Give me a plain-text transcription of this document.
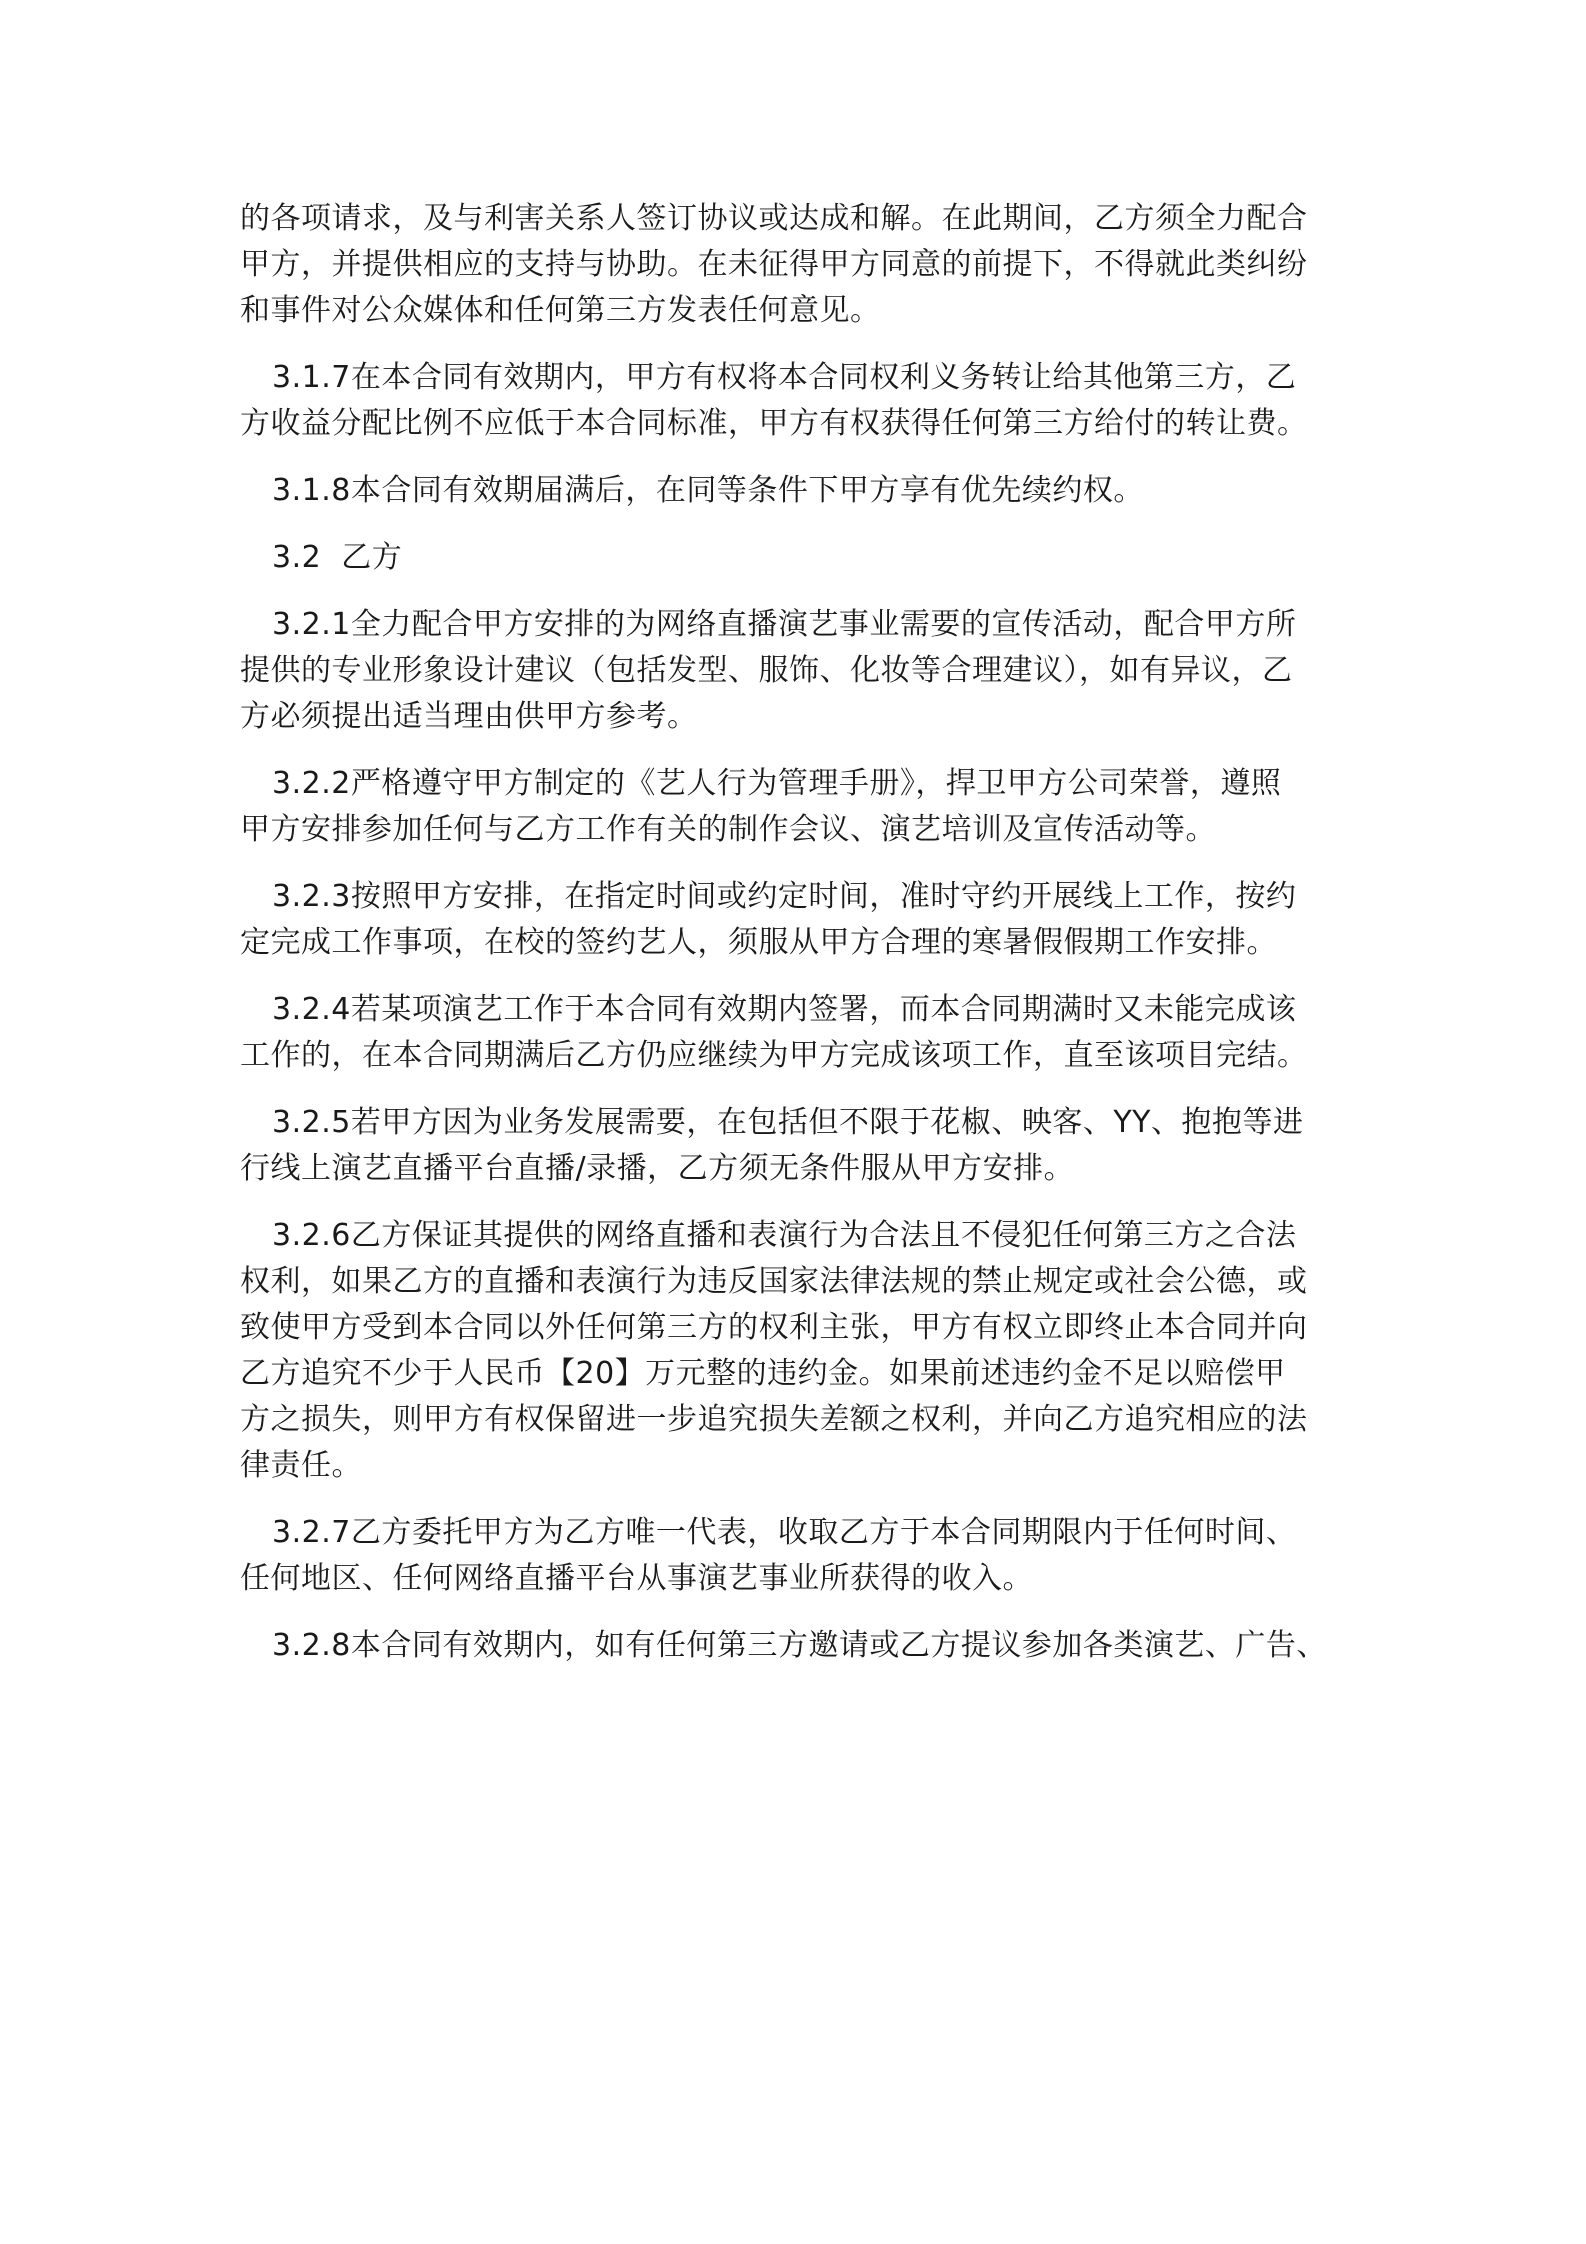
的各项请求，及与利害关系人签订协议或达成和解。在此期间，乙方须全力配合
甲方，并提供相应的支持与协助。在未征得甲方同意的前提下，不得就此类纠纷
和事件对公众媒体和任何第三方发表任何意见。
3.1.7在本合同有效期内，甲方有权将本合同权利义务转让给其他第三方，乙
方收益分配比例不应低于本合同标准，甲方有权获得任何第三方给付的转让费。
3.1.8本合同有效期届满后，在同等条件下甲方享有优先续约权。
3.2  乙方
3.2.1全力配合甲方安排的为网络直播演艺事业需要的宣传活动，配合甲方所
提供的专业形象设计建议（包括发型、服饰、化妆等合理建议），如有异议，乙
方必须提出适当理由供甲方参考。
3.2.2严格遵守甲方制定的《艺人行为管理手册》，捍卫甲方公司荣誉，遵照
甲方安排参加任何与乙方工作有关的制作会议、演艺培训及宣传活动等。
3.2.3按照甲方安排，在指定时间或约定时间，准时守约开展线上工作，按约
定完成工作事项，在校的签约艺人，须服从甲方合理的寒暑假假期工作安排。
3.2.4若某项演艺工作于本合同有效期内签署，而本合同期满时又未能完成该
工作的，在本合同期满后乙方仍应继续为甲方完成该项工作，直至该项目完结。
3.2.5若甲方因为业务发展需要，在包括但不限于花椒、映客、YY、抱抱等进
行线上演艺直播平台直播/录播，乙方须无条件服从甲方安排。
3.2.6乙方保证其提供的网络直播和表演行为合法且不侵犯任何第三方之合法
权利，如果乙方的直播和表演行为违反国家法律法规的禁止规定或社会公德，或
致使甲方受到本合同以外任何第三方的权利主张，甲方有权立即终止本合同并向
乙方追究不少于人民币【20】万元整的违约金。如果前述违约金不足以赔偿甲
方之损失，则甲方有权保留进一步追究损失差额之权利，并向乙方追究相应的法
律责任。
3.2.7乙方委托甲方为乙方唯一代表，收取乙方于本合同期限内于任何时间、
任何地区、任何网络直播平台从事演艺事业所获得的收入。
3.2.8本合同有效期内，如有任何第三方邀请或乙方提议参加各类演艺、广告、
